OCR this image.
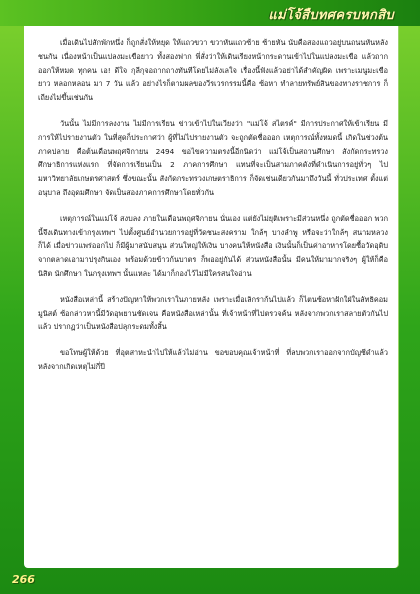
แม่โจ้สืบทศครบหกสิบ

เมื่อเดินไปสักพักหนึ่ง ก็ถูกสั่งให้หยุด ให้แถวขวา ขวาหันแถวซ้าย ซ้ายหัน นับคือสองแถวอยู่บนถนนหันหลังชนกัน เนื่องหน้าเป็นแปลงมะเขือยาว ทั้งสองฟาก พี่สั่งว่าให้เดินเรียงหน้ากระดานเข้าไปในแปลงมะเขือ แล้วถากออกให้หมด ทุกคน เอ! ดีใจ กุลีกุจอถากถางทันทีโดยไม่ลังเลใจ เรื่องนี้ฟังแล้วอย่าได้สำคัญผิด เพราะเมนูมะเขือยาว หลอกหลอน มา 7 วัน แล้ว อย่างไรก็ตามผลของวีรเวรกรรมนี้คือ ซ้อหา ทำลายทรัพย์สินของทางราชการ ก็เถียงไม่ขึ้นเช่นกัน

วันนั้น ไม่มีการลงงาน ไม่มีการเรียน ข่าวเข้าไปในเวียงว่า "แม่โจ้ สไตรค์" มีการประกาศให้เข้าเรียน มีการให้ไปรายงานตัว ในที่สุดก็ประกาศว่า ผู้ที่ไม่ไปรายงานตัว จะถูกตัดชื่อออก เหตุการณ์ทั้งหมดนี้ เกิดในช่วงต้นภาคปลาย คือต้นเดือนพฤศจิกายน 2494 ขอไขความตรงนี้อีกนิดว่า แม่โจ้เป็นสถานศึกษา สังกัดกระทรวงศึกษาธิการแห่งแรก ที่จัดการเรียนเป็น 2 ภาคการศึกษา แทนที่จะเป็นสามภาคดังที่ดำเนินการอยู่ทั่วๆ ไป มหาวิทยาลัยเกษตรศาสตร์ ซึ่งขณะนั้น สังกัดกระทรวงเกษตราธิการ ก็จัดเช่นเดียวกันมาถึงวันนี้ ทั่วประเทศ ตั้งแต่อนุบาล ถึงอุดมศึกษา จัดเป็นสองภาคการศึกษาโดยทั่วกัน

เหตุการณ์ในแม่โจ้ สงบลง ภายในเดือนพฤศจิกายน นั่นเอง แต่ยังไม่ยุติเพราะมีส่วนหนึ่ง ถูกตัดชื่อออก พวกนี้จึงเดินทางเข้ากรุงเทพฯ ไปตั้งศูนย์อำนวยการอยู่ที่วัดชนะสงคราม ใกล้ๆ บางลำพู หรือจะว่าใกล้ๆ สนามหลวงก็ได้ เมื่อข่าวแพร่ออกไป ก็มีผู้มาสนับสนุน ส่วนใหญ่ให้เงิน บางคนให้หนังสือ เงินนั้นก็เป็นค่าอาหารโดยซื้อวัดอุดิบจากตลาดเอามาปรุงกินเอง พร้อมด้วยข้าวก้นบาตร ก็พออยู่กันได้ ส่วนหนังสือนั้น มีคนให้มามากจริงๆ ผู้ให้ก็คือนิสิต นักศึกษา ในกรุงเทพฯ นั้นแหละ ได้มาก็กองไว้ไม่มีใครสนใจอ่าน

หนังสือเหล่านี้ สร้างปัญหาให้พวกเราในภายหลัง เพราะเมื่อเลิกราก้นไปแล้ว ก็ไตนซ้อหาฝักใฝ่ในลัทธิคอมมูนิสต์ ซ้อกล่าวหานี้มีวัดอุพยานชัดเจน คือหนังสือเหล่านั้น ที่เจ้าหน้าที่ไปตรวจค้น หลังจากพวกเราสลายตัวกันไปแล้ว ปรากฏว่าเป็นหนังสือปลุกระดมทั้งสิ้น

ขอโทษผู้ให้ด้วย ที่อุตสาหะนำไปให้แล้วไม่อ่าน ขอขอบคุณเจ้าหน้าที่ ที่ลบพวกเราออกจากบัญชีดำแล้ว หลังจากเกิดเหตุไม่กี่ปี

266
